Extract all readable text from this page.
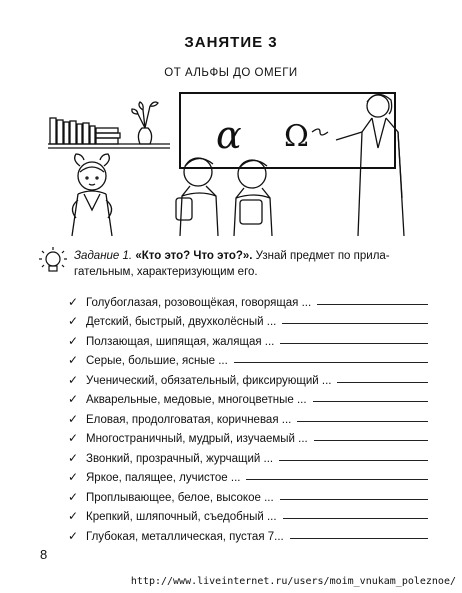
ЗАНЯТИЕ 3
ОТ АЛЬФЫ ДО ОМЕГИ
α Ω
Задание 1. «Кто это? Что это?». Узнай предмет по прила-
гательным, характеризующим его.
✓ Голубоглазая, розовощёкая, говорящая ...
✓ Детский, быстрый, двухколёсный ...
✓ Ползающая, шипящая, жалящая ...
✓ Серые, большие, ясные ...
✓ Ученический, обязательный, фиксирующий ...
✓ Акварельные, медовые, многоцветные ...
✓ Еловая, продолговатая, коричневая ...
✓ Многостраничный, мудрый, изучаемый ...
✓ Звонкий, прозрачный, журчащий ...
✓ Яркое, палящее, лучистое ...
✓ Проплывающее, белое, высокое ...
✓ Крепкий, шляпочный, съедобный ...
✓ Глубокая, металлическая, пустая 7...
8
http://www.liveinternet.ru/users/moim_vnukam_poleznoe/
